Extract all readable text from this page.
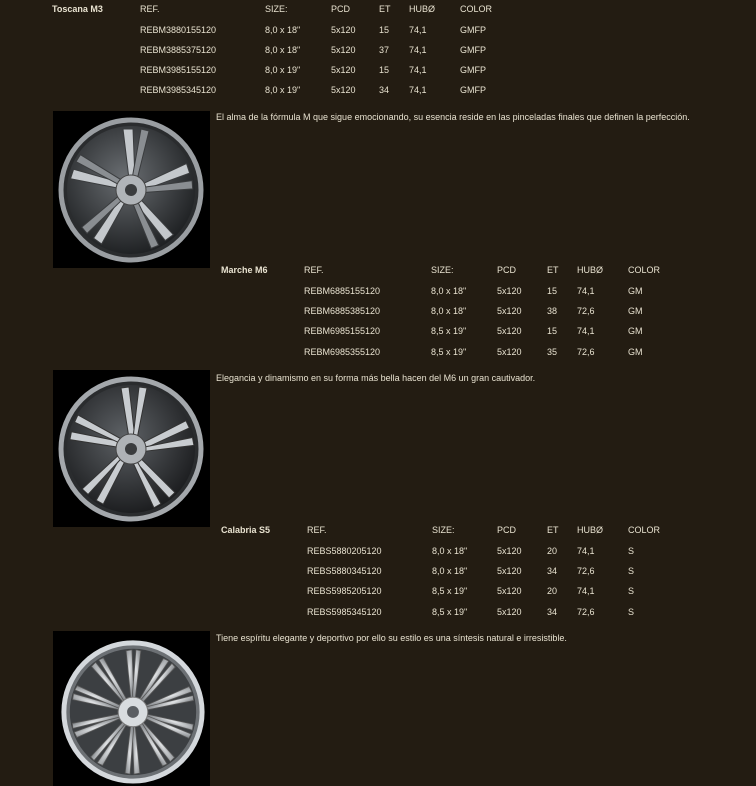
Toscana M3	REF.	SIZE:	PCD	ET HUBØ	COLOR
REBM3880155120	8,0 x 18"	5x120	15 74,1	GMFP
REBM3885375120	8,0 x 18"	5x120	37 74,1	GMFP
REBM3985155120	8,0 x 19"	5x120	15 74,1	GMFP
REBM3985345120	8,0 x 19"	5x120	34 74,1	GMFP
El alma de la fórmula M que sigue emocionando, su esencia reside en las pinceladas finales que definen la perfección.
Marche M6	REF.	SIZE:	PCD	ET HUBØ	COLOR
REBM6885155120	8,0 x 18"	5x120	15 74,1	GM
REBM6885385120	8,0 x 18"	5x120	38 72,6	GM
REBM6985155120	8,5 x 19"	5x120	15 74,1	GM
REBM6985355120	8,5 x 19"	5x120	35 72,6	GM
Elegancia y dinamismo en su forma más bella hacen del M6 un gran cautivador.
Calabria S5	REF.	SIZE:	PCD	ET HUBØ	COLOR
REBS5880205120	8,0 x 18"	5x120	20 74,1	S
REBS5880345120	8,0 x 18"	5x120	34 72,6	S
REBS5985205120	8,5 x 19"	5x120	20 74,1	S
REBS5985345120	8,5 x 19"	5x120	34 72,6	S
Tiene espíritu elegante y deportivo por ello su estilo es una síntesis natural e irresistible.
